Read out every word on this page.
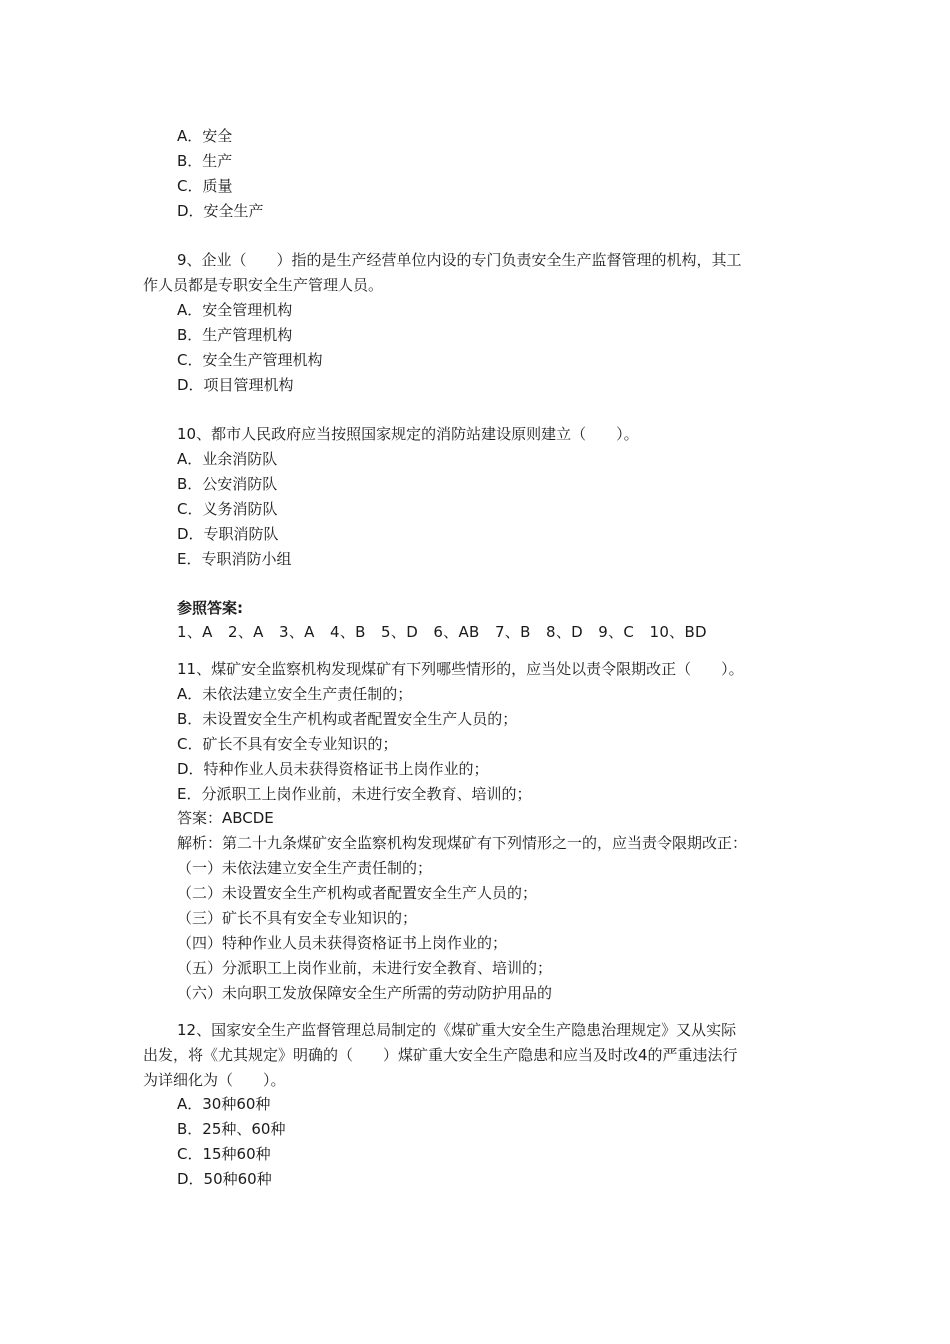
A．安全
B．生产
C．质量
D．安全生产
9、企业（　　）指的是生产经营单位内设的专门负责安全生产监督管理的机构，其工
作人员都是专职安全生产管理人员。
A．安全管理机构
B．生产管理机构
C．安全生产管理机构
D．项目管理机构
10、都市人民政府应当按照国家规定的消防站建设原则建立（　　）。
A．业余消防队
B．公安消防队
C．义务消防队
D．专职消防队
E．专职消防小组
参照答案:
1、A　2、A　3、A　4、B　5、D　6、AB　7、B　8、D　9、C　10、BD
11、煤矿安全监察机构发现煤矿有下列哪些情形的，应当处以责令限期改正（　　）。
A．未依法建立安全生产责任制的；
B．未设置安全生产机构或者配置安全生产人员的；
C．矿长不具有安全专业知识的；
D．特种作业人员未获得资格证书上岗作业的；
E．分派职工上岗作业前，未进行安全教育、培训的；
答案：ABCDE
解析：第二十九条煤矿安全监察机构发现煤矿有下列情形之一的，应当责令限期改正：
（一）未依法建立安全生产责任制的；
（二）未设置安全生产机构或者配置安全生产人员的；
（三）矿长不具有安全专业知识的；
（四）特种作业人员未获得资格证书上岗作业的；
（五）分派职工上岗作业前，未进行安全教育、培训的；
（六）未向职工发放保障安全生产所需的劳动防护用品的
12、国家安全生产监督管理总局制定的《煤矿重大安全生产隐患治理规定》又从实际
出发，将《尤其规定》明确的（　　）煤矿重大安全生产隐患和应当及时改4的严重违法行
为详细化为（　　）。
A．30种60种
B．25种、60种
C．15种60种
D．50种60种
